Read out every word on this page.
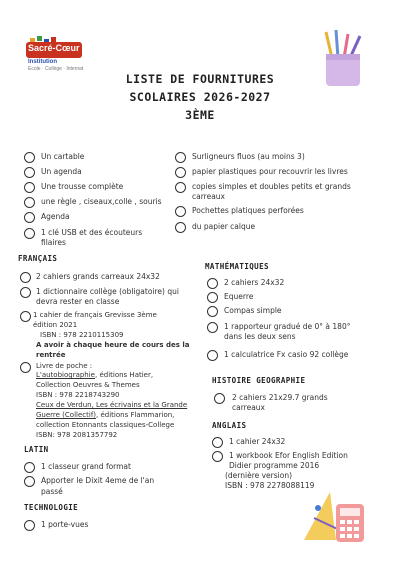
Sacré-Cœur
Institution
Ecole · Collège · Internat
LISTE DE FOURNITURES
SCOLAIRES 2026-2027
3ÈME
Un cartable
Un agenda
Une trousse complète
une règle , ciseaux,colle , souris
Agenda
1 clé USB et des écouteurs
filaires
Surligneurs fluos (au moins 3)
papier plastiques pour recouvrir les livres
copies simples et doubles petits et grands
carreaux
Pochettes platiques perforées
du papier calque
FRANÇAIS
2 cahiers grands carreaux 24x32
1 dictionnaire collège (obligatoire) qui
devra rester en classe
1 cahier de français Grevisse 3ème
édition 2021
ISBN : 978 2210115309
A avoir à chaque heure de cours des la
rentrée
Livre de poche :
L'autobiographie, éditions Hatier,
Collection Oeuvres & Themes
ISBN : 978 2218743290
Ceux de Verdun, Les écrivains et la Grande
Guerre (Collectif), éditions Flammarion,
collection Etonnants classiques-College
ISBN: 978 2081357792
LATIN
1 classeur grand format
Apporter le Dixit 4eme de l'an
passé
TECHNOLOGIE
1 porte-vues
MATHÉMATIQUES
2 cahiers 24x32
Equerre
Compas simple
1 rapporteur gradué de 0° à 180°
dans les deux sens
1 calculatrice Fx casio 92 collège
HISTOIRE GEOGRAPHIE
2 cahiers 21x29.7 grands
carreaux
ANGLAIS
1 cahier 24x32
1 workbook Efor English Edition
Didier programme 2016
(dernière version)
ISBN : 978 2278088119
